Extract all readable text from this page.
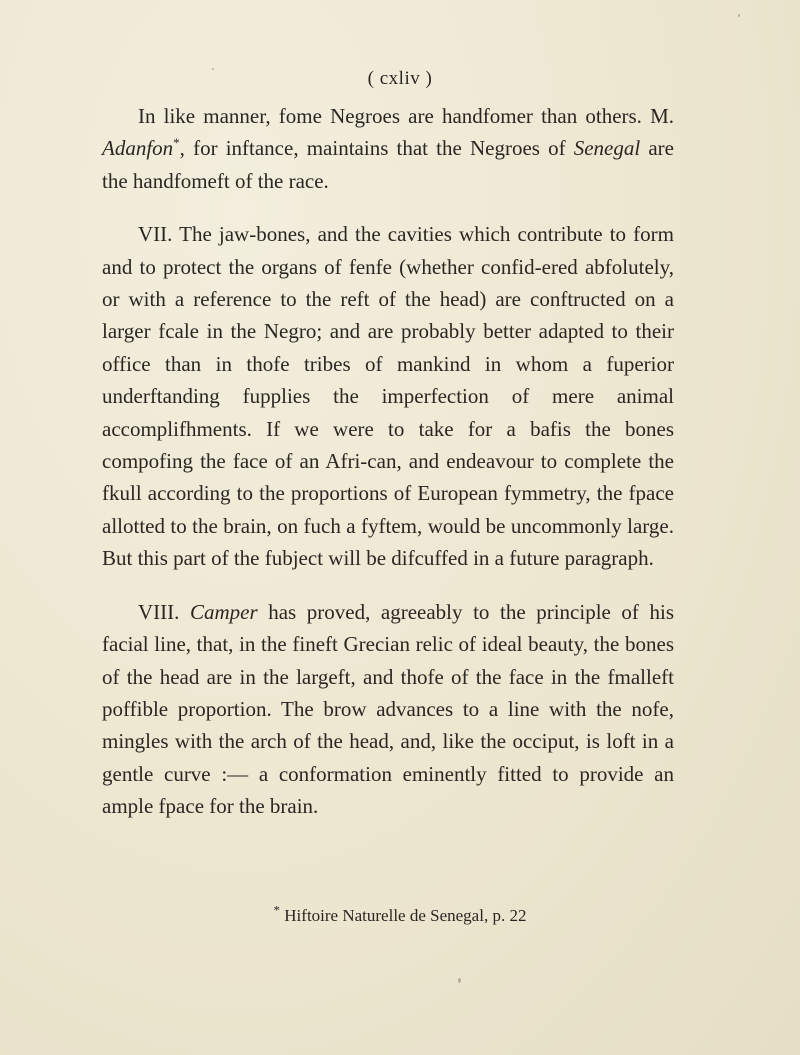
( cxliv )

In like manner, fome Negroes are handfomer than others. M. Adanfon*, for inftance, maintains that the Negroes of Senegal are the handfomeft of the race.

VII. The jaw-bones, and the cavities which contribute to form and to protect the organs of fenfe (whether confid-ered abfolutely, or with a reference to the reft of the head) are conftructed on a larger fcale in the Negro; and are probably better adapted to their office than in thofe tribes of mankind in whom a fuperior underftanding fupplies the imperfection of mere animal accomplifhments. If we were to take for a bafis the bones compofing the face of an Afri-can, and endeavour to complete the fkull according to the proportions of European fymmetry, the fpace allotted to the brain, on fuch a fyftem, would be uncommonly large. But this part of the fubject will be difcuffed in a future paragraph.

VIII. Camper has proved, agreeably to the principle of his facial line, that, in the fineft Grecian relic of ideal beauty, the bones of the head are in the largeft, and thofe of the face in the fmalleft poffible proportion. The brow advances to a line with the nofe, mingles with the arch of the head, and, like the occiput, is loft in a gentle curve :— a conformation eminently fitted to provide an ample fpace for the brain.

* Hiftoire Naturelle de Senegal, p. 22
